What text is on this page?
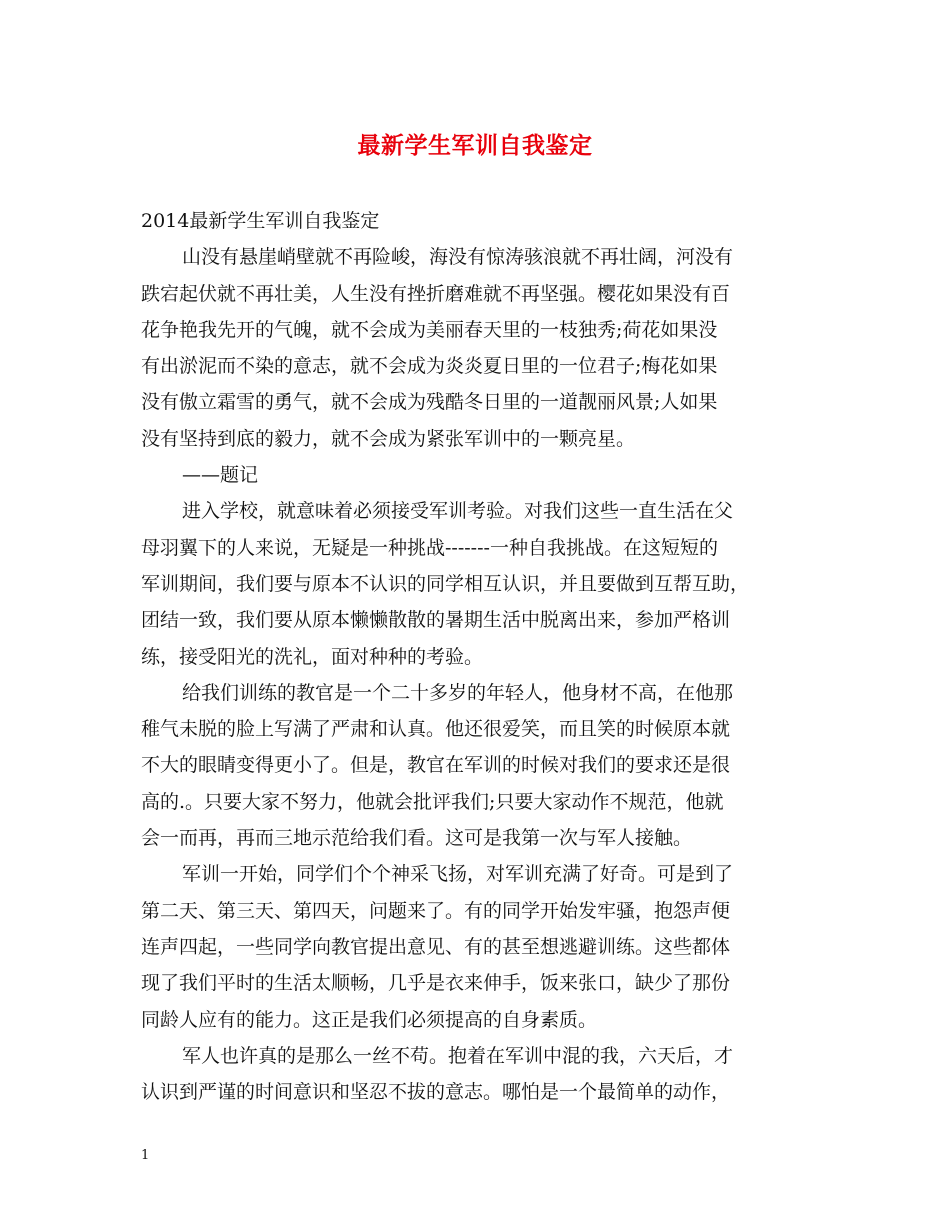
最新学生军训自我鉴定
2014最新学生军训自我鉴定
山没有悬崖峭壁就不再险峻，海没有惊涛骇浪就不再壮阔，河没有
跌宕起伏就不再壮美，人生没有挫折磨难就不再坚强。樱花如果没有百
花争艳我先开的气魄，就不会成为美丽春天里的一枝独秀;荷花如果没
有出淤泥而不染的意志，就不会成为炎炎夏日里的一位君子;梅花如果
没有傲立霜雪的勇气，就不会成为残酷冬日里的一道靓丽风景;人如果
没有坚持到底的毅力，就不会成为紧张军训中的一颗亮星。
——题记
进入学校，就意味着必须接受军训考验。对我们这些一直生活在父
母羽翼下的人来说，无疑是一种挑战-------一种自我挑战。在这短短的
军训期间，我们要与原本不认识的同学相互认识，并且要做到互帮互助，
团结一致，我们要从原本懒懒散散的暑期生活中脱离出来，参加严格训
练，接受阳光的洗礼，面对种种的考验。
给我们训练的教官是一个二十多岁的年轻人，他身材不高，在他那
稚气未脱的脸上写满了严肃和认真。他还很爱笑，而且笑的时候原本就
不大的眼睛变得更小了。但是，教官在军训的时候对我们的要求还是很
高的.。只要大家不努力，他就会批评我们;只要大家动作不规范，他就
会一而再，再而三地示范给我们看。这可是我第一次与军人接触。
军训一开始，同学们个个神采飞扬，对军训充满了好奇。可是到了
第二天、第三天、第四天，问题来了。有的同学开始发牢骚，抱怨声便
连声四起，一些同学向教官提出意见、有的甚至想逃避训练。这些都体
现了我们平时的生活太顺畅，几乎是衣来伸手，饭来张口，缺少了那份
同龄人应有的能力。这正是我们必须提高的自身素质。
军人也许真的是那么一丝不苟。抱着在军训中混的我，六天后，才
认识到严谨的时间意识和坚忍不拔的意志。哪怕是一个最简单的动作，
1
